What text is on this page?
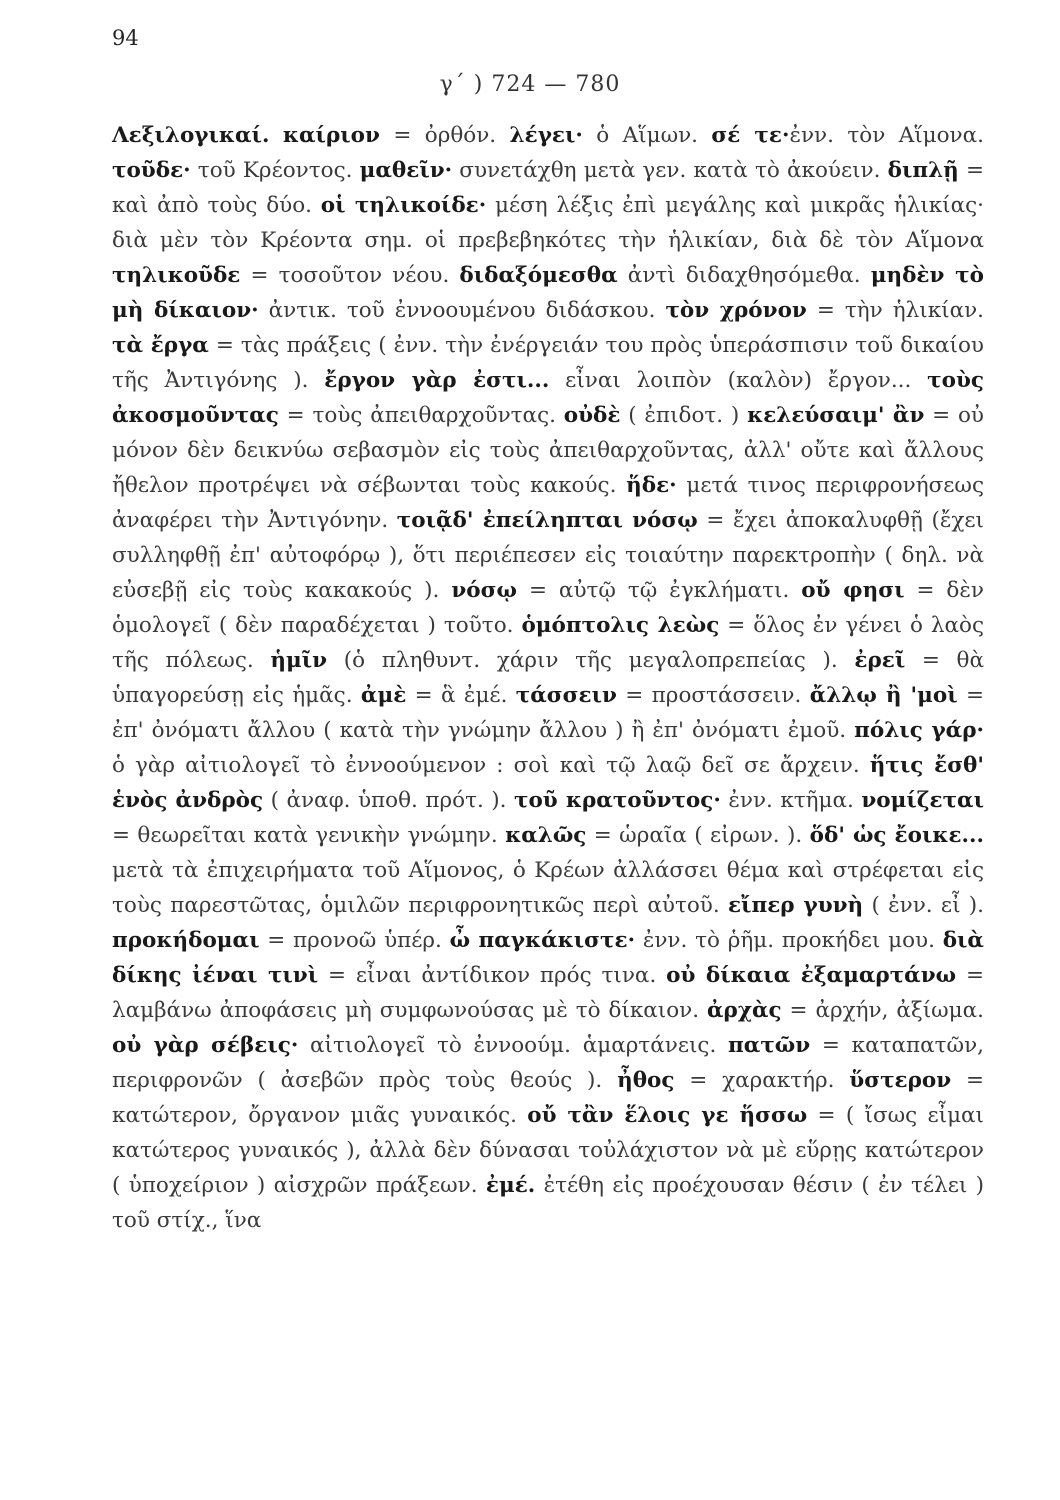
94
γ´ ) 724 — 780
Λεξιλογικαί. καίριον = ὀρθόν. λέγει· ὁ Αἵμων. σέ τε·ἐνν. τὸν Αἵμονα. τοῦδε· τοῦ Κρέοντος. μαθεῖν· συνετάχθη μετὰ γεν. κατὰ τὸ ἀκούειν. διπλῇ = καὶ ἀπὸ τοὺς δύο. οἱ τηλικοίδε· μέση λέξις ἐπὶ μεγάλης καὶ μικρᾶς ἡλικίας· διὰ μὲν τὸν Κρέοντα σημ. οἱ πρεβεβηκότες τὴν ἡλικίαν, διὰ δὲ τὸν Αἵμονα τηλικοῦδε = τοσοῦτον νέου. διδαξόμεσθα ἀντὶ διδαχθησόμεθα. μηδὲν τὸ μὴ δίκαιον· ἀντικ. τοῦ ἐννοουμένου διδάσκου. τὸν χρόνον = τὴν ἡλικίαν. τὰ ἔργα = τὰς πράξεις ( ἐνν. τὴν ἐνέργειάν του πρὸς ὑπεράσπισιν τοῦ δικαίου τῆς Ἀντιγόνης ). ἔργον γὰρ ἐστι... εἶναι λοιπὸν (καλὸν) ἔργον... τοὺς ἀκοσμοῦντας = τοὺς ἀπειθαρχοῦντας. οὐδὲ ( ἐπιδοτ. ) κελεύσαιμ' ἂν = οὐ μόνον δὲν δεικνύω σεβασμὸν εἰς τοὺς ἀπειθαρχοῦντας, ἀλλ' οὔτε καὶ ἄλλους ἤθελον προτρέψει νὰ σέβωνται τοὺς κακούς. ἥδε· μετά τινος περιφρονήσεως ἀναφέρει τὴν Ἀντιγόνην. τοιᾷδ' ἐπείληπται νόσῳ = ἔχει ἀποκαλυφθῇ (ἔχει συλληφθῇ ἐπ' αὐτοφόρῳ ), ὅτι περιέπεσεν εἰς τοιαύτην παρεκτροπὴν ( δηλ. νὰ εὐσεβῇ εἰς τοὺς κακακούς ). νόσῳ = αὐτῷ τῷ ἐγκλήματι. οὔ φησι = δὲν ὁμολογεῖ ( δὲν παραδέχεται ) τοῦτο. ὁμόπτολις λεὼς = ὅλος ἐν γένει ὁ λαὸς τῆς πόλεως. ἡμῖν (ὁ πληθυντ. χάριν τῆς μεγαλοπρεπείας ). ἐρεῖ = θὰ ὑπαγορεύσῃ εἰς ἡμᾶς. ἀμὲ = ἃ ἐμέ. τάσσειν = προστάσσειν. ἄλλῳ ἢ 'μοὶ = ἐπ' ὀνόματι ἄλλου ( κατὰ τὴν γνώμην ἄλλου ) ἢ ἐπ' ὀνόματι ἐμοῦ. πόλις γάρ· ὁ γὰρ αἰτιολογεῖ τὸ ἐννοούμενον : σοὶ καὶ τῷ λαῷ δεῖ σε ἄρχειν. ἥτις ἔσθ' ἑνὸς ἀνδρὸς ( ἀναφ. ὑποθ. πρότ. ). τοῦ κρατοῦντος· ἐνν. κτῆμα. νομίζεται = θεωρεῖται κατὰ γενικὴν γνώμην. καλῶς = ὡραῖα ( εἰρων. ). ὅδ' ὡς ἔοικε... μετὰ τὰ ἐπιχειρήματα τοῦ Αἵμονος, ὁ Κρέων ἀλλάσσει θέμα καὶ στρέφεται εἰς τοὺς παρεστῶτας, ὁμιλῶν περιφρονητικῶς περὶ αὐτοῦ. εἴπερ γυνὴ ( ἐνν. εἶ ). προκήδομαι = προνοῶ ὑπέρ. ὦ παγκάκιστε· ἐνν. τὸ ῥῆμ. προκήδει μου. διὰ δίκης ἰέναι τινὶ = εἶναι ἀντίδικον πρός τινα. οὐ δίκαια ἐξαμαρτάνω = λαμβάνω ἀποφάσεις μὴ συμφωνούσας μὲ τὸ δίκαιον. ἀρχὰς = ἀρχήν, ἀξίωμα. οὐ γὰρ σέβεις· αἰτιολογεῖ τὸ ἐννοούμ. ἁμαρτάνεις. πατῶν = καταπατῶν, περιφρονῶν ( ἀσεβῶν πρὸς τοὺς θεούς ). ἦθος = χαρακτήρ. ὕστερον = κατώτερον, ὄργανον μιᾶς γυναικός. οὔ τἂν ἕλοις γε ἥσσω = ( ἴσως εἶμαι κατώτερος γυναικός ), ἀλλὰ δὲν δύνασαι τοὐλάχιστον νὰ μὲ εὕρῃς κατώτερον ( ὑποχείριον ) αἰσχρῶν πράξεων. ἐμέ. ἐτέθη εἰς προέχουσαν θέσιν ( ἐν τέλει ) τοῦ στίχ., ἵνα
